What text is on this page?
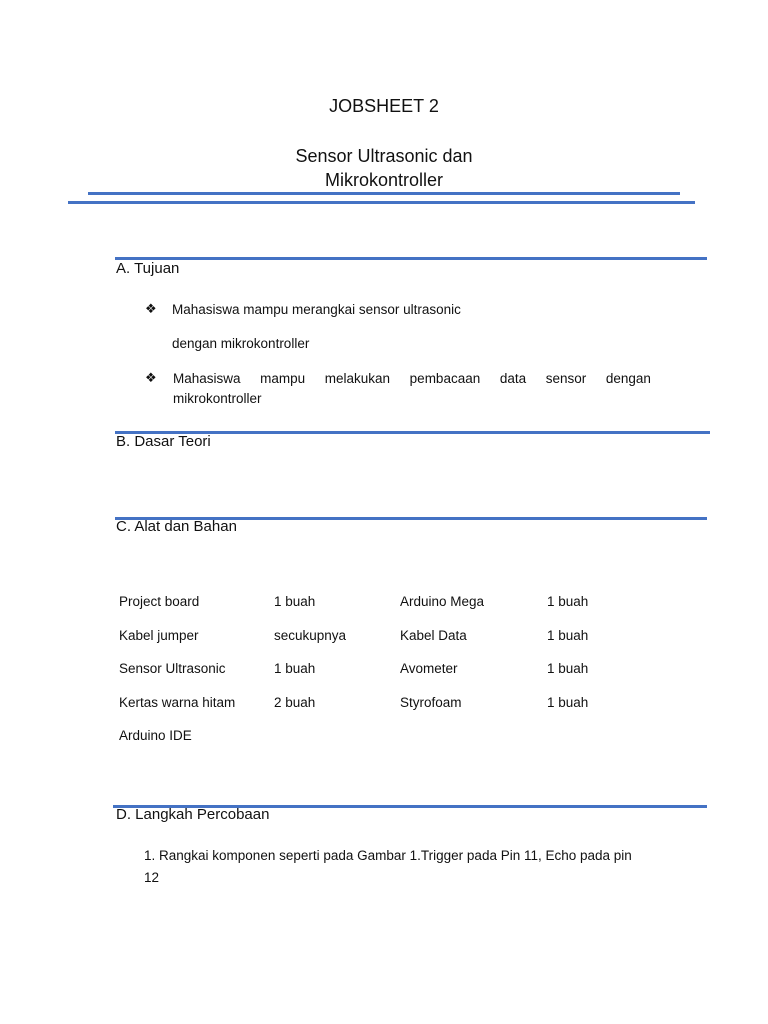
JOBSHEET 2
Sensor Ultrasonic dan
Mikrokontroller
A. Tujuan
❖ Mahasiswa mampu merangkai sensor ultrasonic
dengan mikrokontroller
❖ Mahasiswa mampu melakukan pembacaan data sensor dengan
mikrokontroller
B. Dasar Teori
C. Alat dan Bahan
Project board	1 buah	Arduino Mega	1 buah
Kabel jumper	secukupnya	Kabel Data	1 buah
Sensor Ultrasonic	1 buah	Avometer	1 buah
Kertas warna hitam	2 buah	Styrofoam	1 buah
Arduino IDE			
D. Langkah Percobaan
1. Rangkai komponen seperti pada Gambar 1.Trigger pada Pin 11, Echo pada pin
12
